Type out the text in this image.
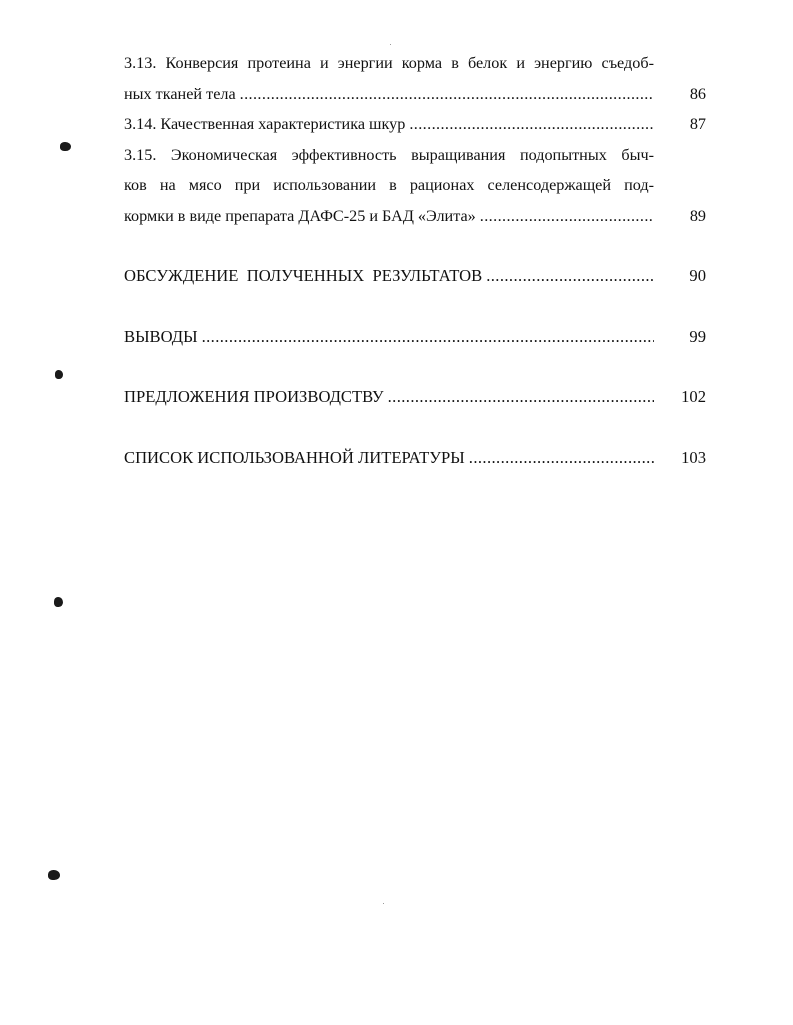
3.13. Конверсия протеина и энергии корма в белок и энергию съедоб-
ных тканей тела .....	86
3.14. Качественная характеристика шкур .....	87
3.15. Экономическая эффективность выращивания подопытных быч-
ков на мясо при использовании в рационах селенсодержащей под-
кормки в виде препарата ДАФС-25 и БАД «Элита» .....	89
ОБСУЖДЕНИЕ  ПОЛУЧЕННЫХ  РЕЗУЛЬТАТОВ .....	90
ВЫВОДЫ .....	99
ПРЕДЛОЖЕНИЯ ПРОИЗВОДСТВУ .....	102
СПИСОК ИСПОЛЬЗОВАННОЙ ЛИТЕРАТУРЫ .....	103
